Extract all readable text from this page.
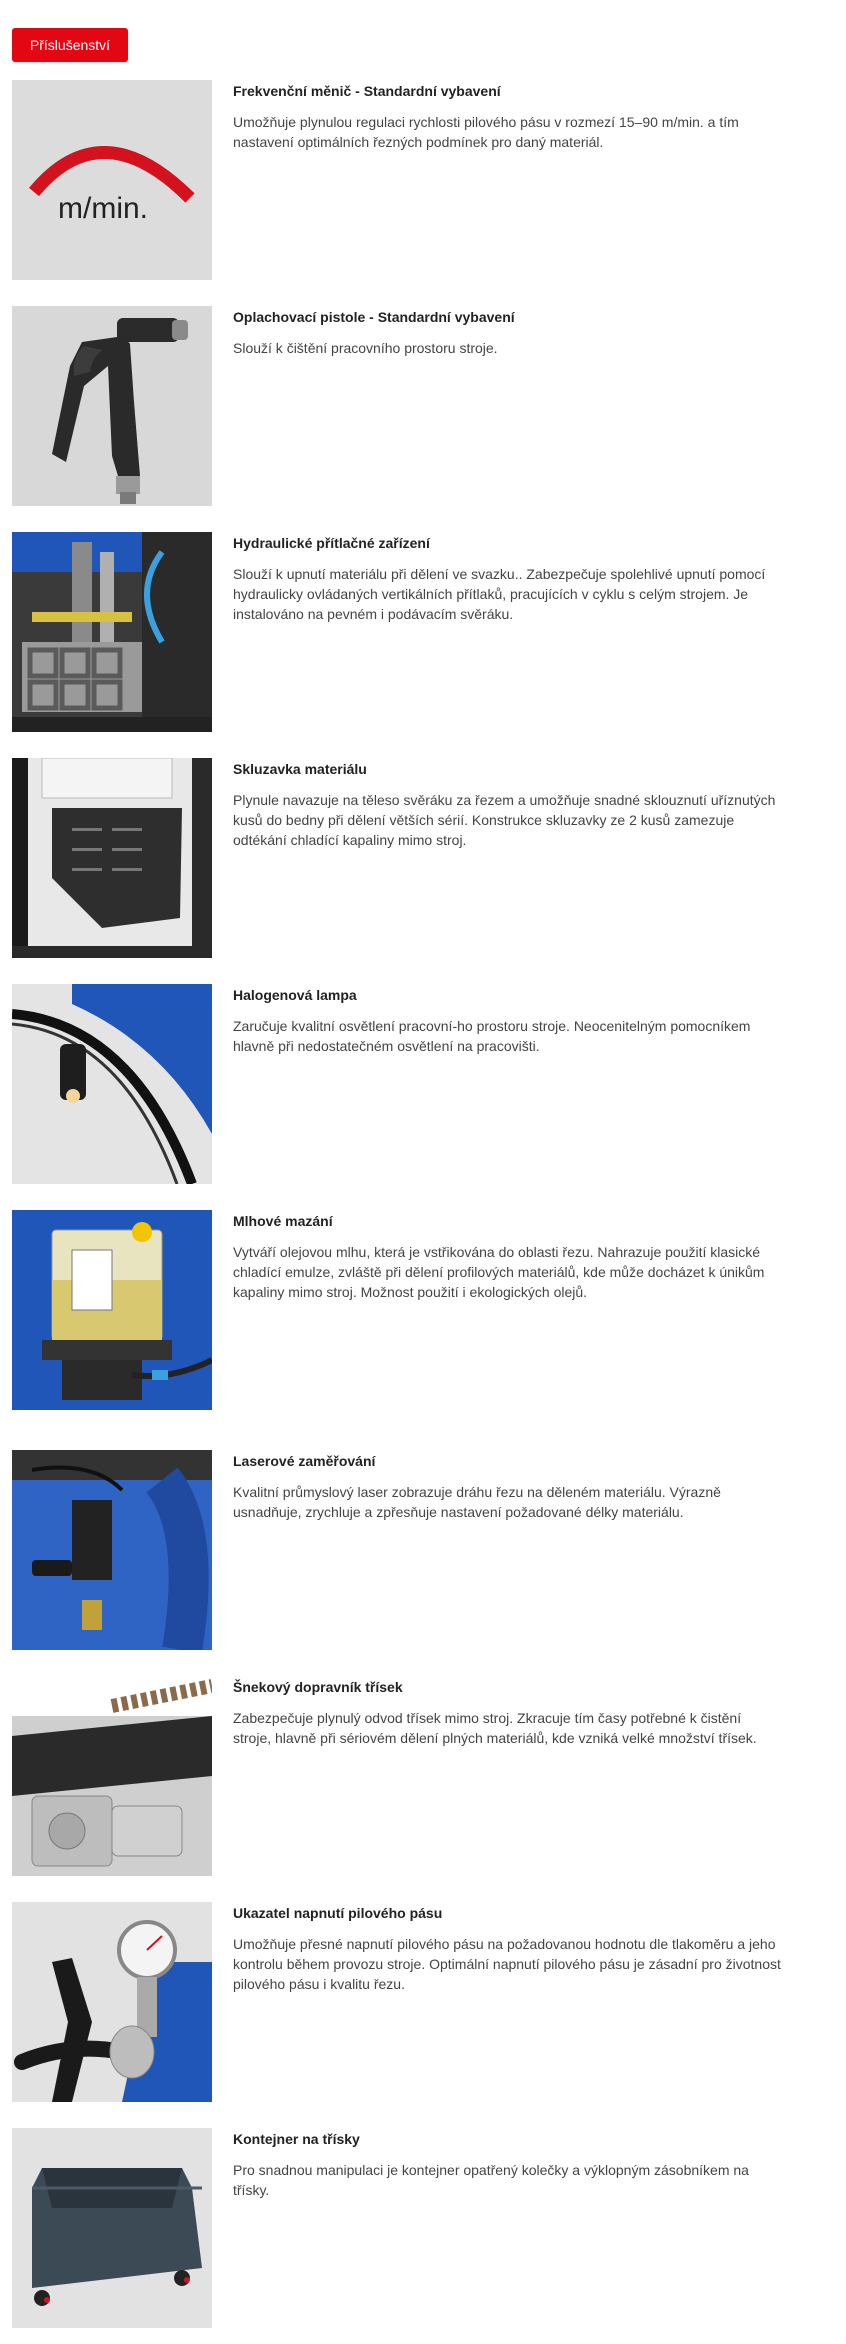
Příslušenství
m/min.
Frekvenční měnič - Standardní vybavení
Umožňuje plynulou regulaci rychlosti pilového pásu v rozmezí 15–90 m/min. a tím nastavení optimálních řezných podmínek pro daný materiál.
Oplachovací pistole - Standardní vybavení
Slouží k čištění pracovního prostoru stroje.
Hydraulické přítlačné zařízení
Slouží k upnutí materiálu při dělení ve svazku.. Zabezpečuje spolehlivé upnutí pomocí hydraulicky ovládaných vertikálních přítlaků, pracujících v cyklu s celým strojem. Je instalováno na pevném i podávacím svěráku.
Skluzavka materiálu
Plynule navazuje na těleso svěráku za řezem a umožňuje snadné sklouznutí uříznutých kusů do bedny při dělení větších sérií. Konstrukce skluzavky ze 2 kusů zamezuje odtékání chladící kapaliny mimo stroj.
Halogenová lampa
Zaručuje kvalitní osvětlení pracovní-ho prostoru stroje. Neocenitelným pomocníkem hlavně při nedostatečném osvětlení na pracovišti.
Mlhové mazání
Vytváří olejovou mlhu, která je vstřikována do oblasti řezu. Nahrazuje použití klasické chladící emulze, zvláště při dělení profilových materiálů, kde může docházet k únikům kapaliny mimo stroj. Možnost použití i ekologických olejů.
Laserové zaměřování
Kvalitní průmyslový laser zobrazuje dráhu řezu na děleném materiálu. Výrazně usnadňuje, zrychluje a zpřesňuje nastavení požadované délky materiálu.
Šnekový dopravník třísek
Zabezpečuje plynulý odvod třísek mimo stroj. Zkracuje tím časy potřebné k čistění stroje, hlavně při sériovém dělení plných materiálů, kde vzniká velké množství třísek.
Ukazatel napnutí pilového pásu
Umožňuje přesné napnutí pilového pásu na požadovanou hodnotu dle tlakoměru a jeho kontrolu během provozu stroje. Optimální napnutí pilového pásu je zásadní pro životnost pilového pásu i kvalitu řezu.
Kontejner na třísky
Pro snadnou manipulaci je kontejner opatřený kolečky a výklopným zásobníkem na třísky.
